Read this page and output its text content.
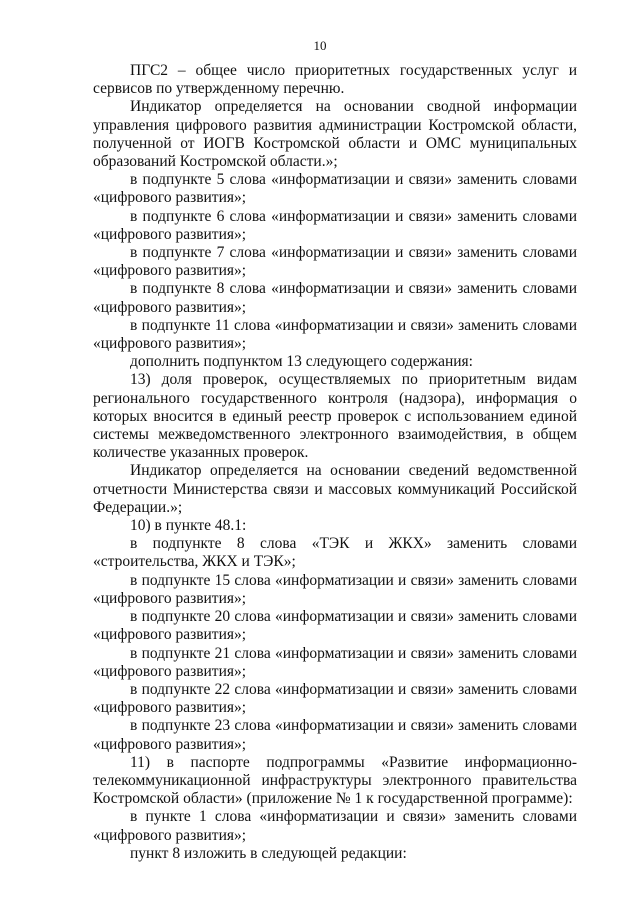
10

ПГС2 – общее число приоритетных государственных услуг и сервисов по утвержденному перечню.

Индикатор определяется на основании сводной информации управления цифрового развития администрации Костромской области, полученной от ИОГВ Костромской области и ОМС муниципальных образований Костромской области.»;

в подпункте 5 слова «информатизации и связи» заменить словами «цифрового развития»;

в подпункте 6 слова «информатизации и связи» заменить словами «цифрового развития»;

в подпункте 7 слова «информатизации и связи» заменить словами «цифрового развития»;

в подпункте 8 слова «информатизации и связи» заменить словами «цифрового развития»;

в подпункте 11 слова «информатизации и связи» заменить словами «цифрового развития»;

дополнить подпунктом 13 следующего содержания:

13) доля проверок, осуществляемых по приоритетным видам регионального государственного контроля (надзора), информация о которых вносится в единый реестр проверок с использованием единой системы межведомственного электронного взаимодействия, в общем количестве указанных проверок.

Индикатор определяется на основании сведений ведомственной отчетности Министерства связи и массовых коммуникаций Российской Федерации.»;

10) в пункте 48.1:

в подпункте 8 слова «ТЭК и ЖКХ» заменить словами «строительства, ЖКХ и ТЭК»;

в подпункте 15 слова «информатизации и связи» заменить словами «цифрового развития»;

в подпункте 20 слова «информатизации и связи» заменить словами «цифрового развития»;

в подпункте 21 слова «информатизации и связи» заменить словами «цифрового развития»;

в подпункте 22 слова «информатизации и связи» заменить словами «цифрового развития»;

в подпункте 23 слова «информатизации и связи» заменить словами «цифрового развития»;

11) в паспорте подпрограммы «Развитие информационно-телекоммуникационной инфраструктуры электронного правительства Костромской области» (приложение № 1 к государственной программе):

в пункте 1 слова «информатизации и связи» заменить словами «цифрового развития»;

пункт 8 изложить в следующей редакции:
